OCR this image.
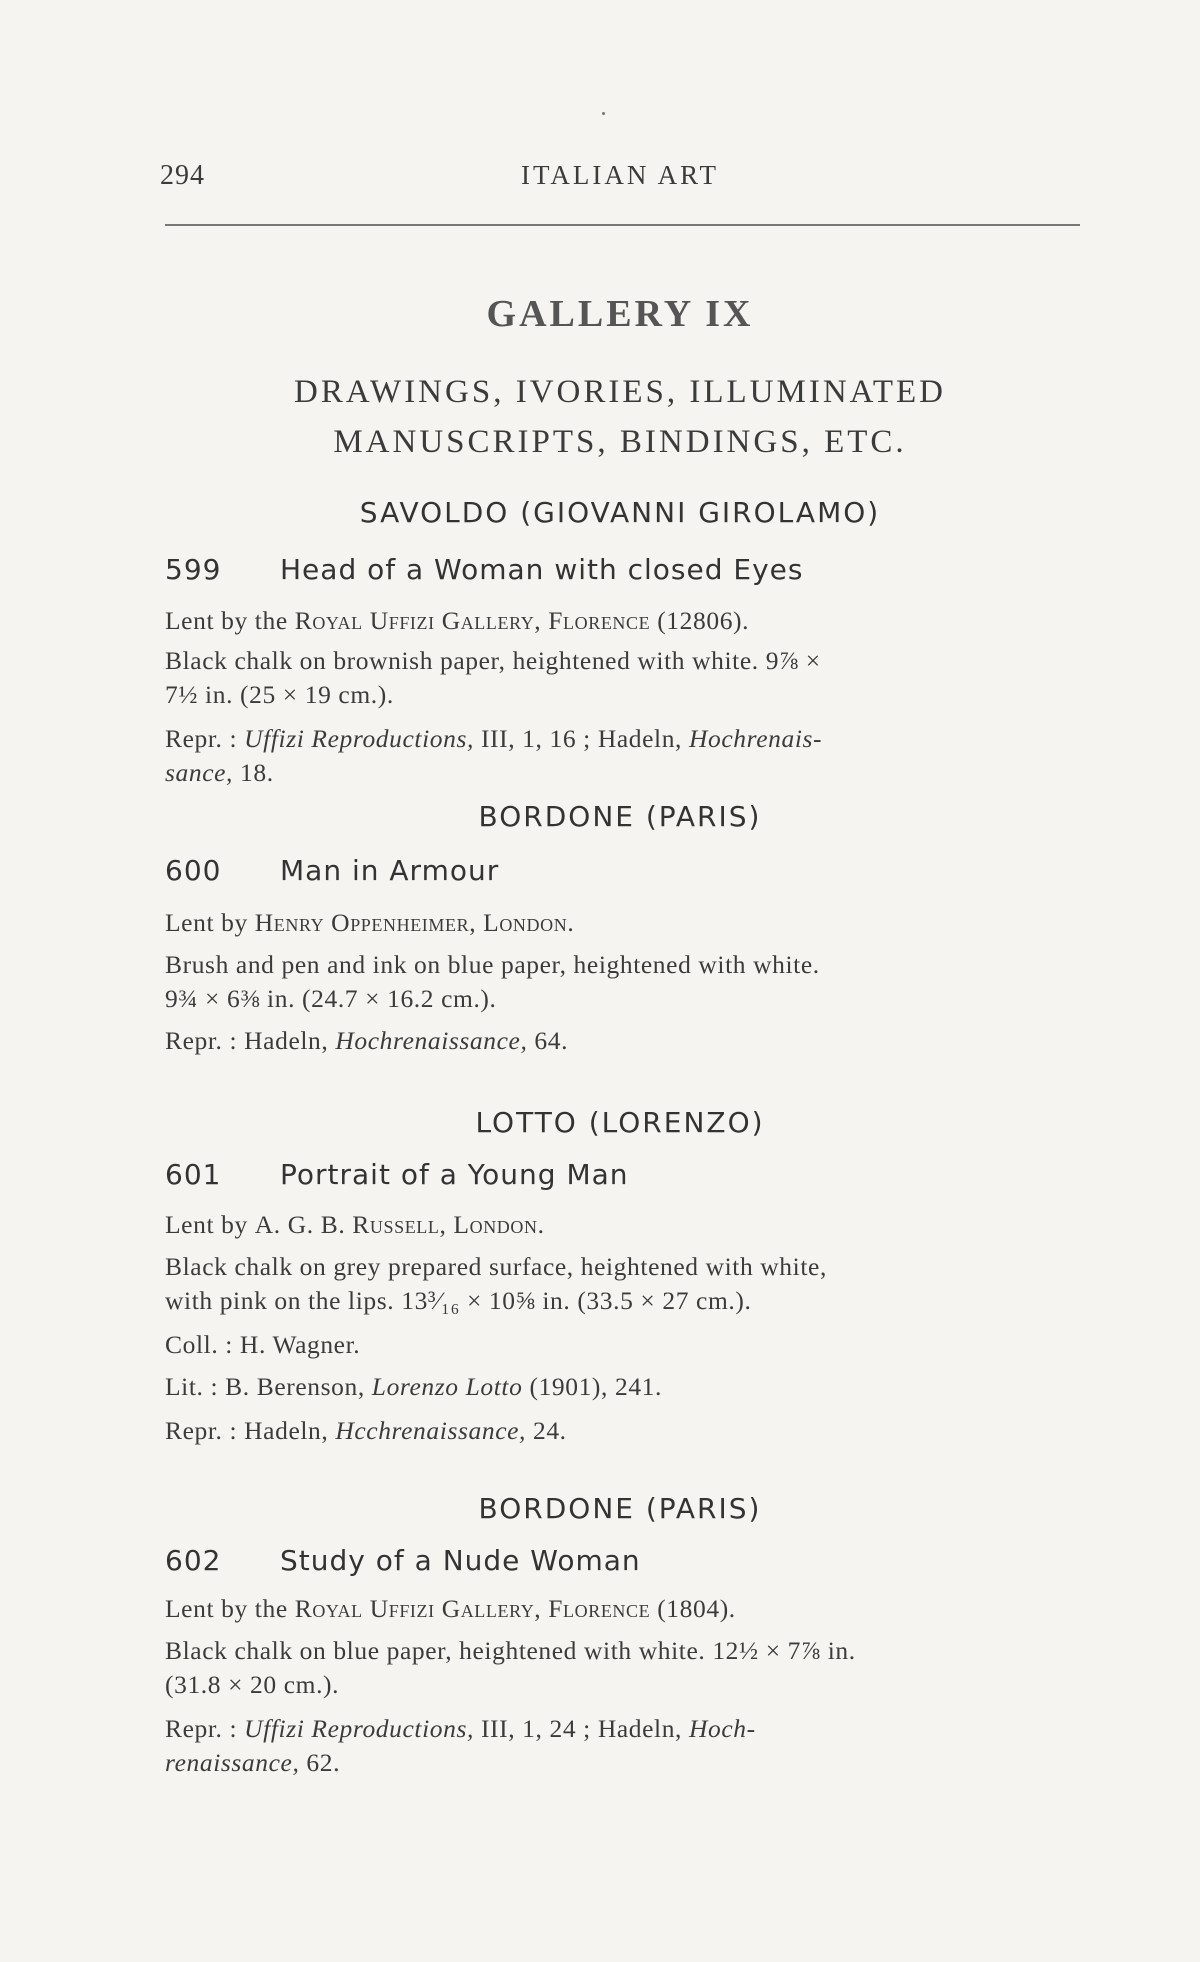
294	ITALIAN ART
GALLERY IX
DRAWINGS, IVORIES, ILLUMINATED
MANUSCRIPTS, BINDINGS, ETC.
SAVOLDO (GIOVANNI GIROLAMO)
599 Head of a Woman with closed Eyes
Lent by the Royal Uffizi Gallery, Florence (12806).
Black chalk on brownish paper, heightened with white. 9⅞ ×
7½ in. (25 × 19 cm.).
Repr. : Uffizi Reproductions, III, 1, 16 ; Hadeln, Hochrenais-
sance, 18.
BORDONE (PARIS)
600 Man in Armour
Lent by Henry Oppenheimer, London.
Brush and pen and ink on blue paper, heightened with white.
9¾ × 6⅜ in. (24.7 × 16.2 cm.).
Repr. : Hadeln, Hochrenaissance, 64.
LOTTO (LORENZO)
601 Portrait of a Young Man
Lent by A. G. B. Russell, London.
Black chalk on grey prepared surface, heightened with white,
with pink on the lips. 13³⁄₁₆ × 10⅝ in. (33.5 × 27 cm.).
Coll. : H. Wagner.
Lit. : B. Berenson, Lorenzo Lotto (1901), 241.
Repr. : Hadeln, Hcchrenaissance, 24.
BORDONE (PARIS)
602 Study of a Nude Woman
Lent by the Royal Uffizi Gallery, Florence (1804).
Black chalk on blue paper, heightened with white. 12½ × 7⅞ in.
(31.8 × 20 cm.).
Repr. : Uffizi Reproductions, III, 1, 24 ; Hadeln, Hoch-
renaissance, 62.
